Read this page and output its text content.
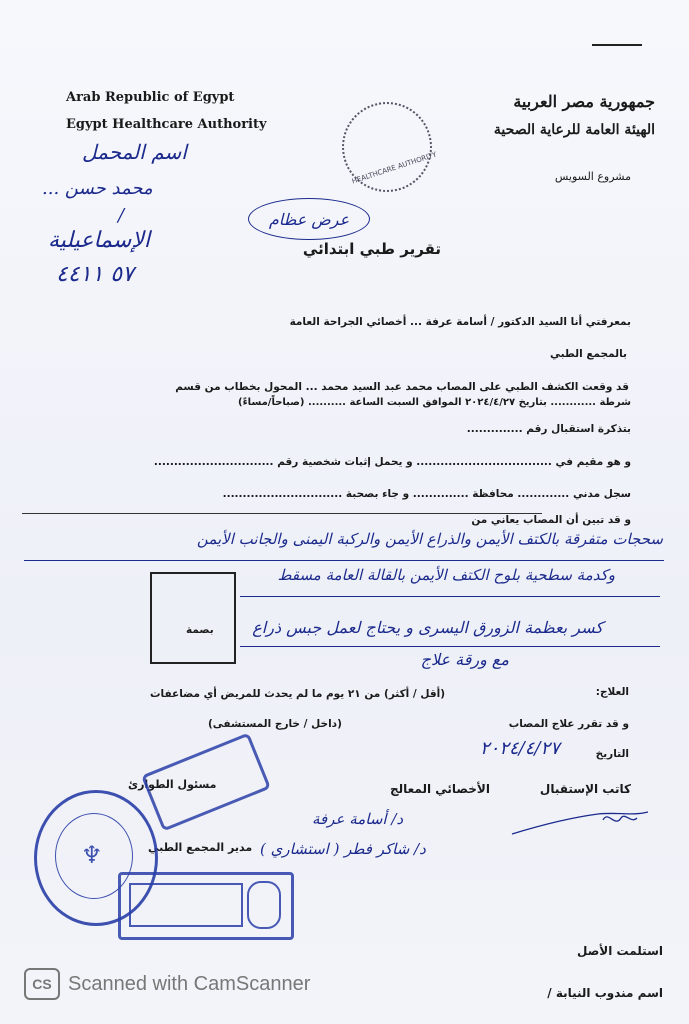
Arab Republic of Egypt
Egypt Healthcare Authority
HEALTHCARE AUTHORITY
جمهورية مصر العربية
الهيئة العامة للرعاية الصحية
مشروع السويس
اسم المحمل
محمد حسن ...
/
الإسماعيلية
٥٧ ٤٤١١
عرض عظام
تقرير طبي ابتدائي
بمعرفتي أنا السيد الدكتور / أسامة عرفة ... أخصائي الجراحة العامة
بالمجمع الطبي
قد وقعت الكشف الطبي على المصاب محمد عبد السيد محمد ... المحول بخطاب من قسم
شرطة ............ بتاريخ ٢٠٢٤/٤/٢٧ الموافق السبت الساعة .......... (صباحاً/مساءً)
بتذكرة استقبال رقم ..............
و هو مقيم في .................................. و يحمل إثبات شخصية رقم ..............................
سجل مدني ............. محافظة .............. و جاء بصحبة ..............................
و قد تبين أن المصاب يعاني من
سحجات متفرقة بالكتف الأيمن والذراع الأيمن والركبة اليمنى والجانب الأيمن
وكدمة سطحية بلوح الكتف الأيمن بالقالة العامة مسقط
كسر بعظمة الزورق اليسرى و يحتاج لعمل جبس ذراع
مع ورقة علاج
بصمة
العلاج:
(أقل / أكثر) من ٢١ يوم ما لم يحدث للمريض أي مضاعفات
و قد تقرر علاج المصاب
(داخل / خارج المستشفى)
التاريخ
٢٠٢٤/٤/٢٧
كاتب الإستقبال
الأخصائي المعالج
مسئول الطوارئ
مدير المجمع الطبي
د/ أسامة عرفة
د/ شاكر فطر ( استشاري )
♆
استلمت الأصل
اسم مندوب النيابة /
CS Scanned with CamScanner
